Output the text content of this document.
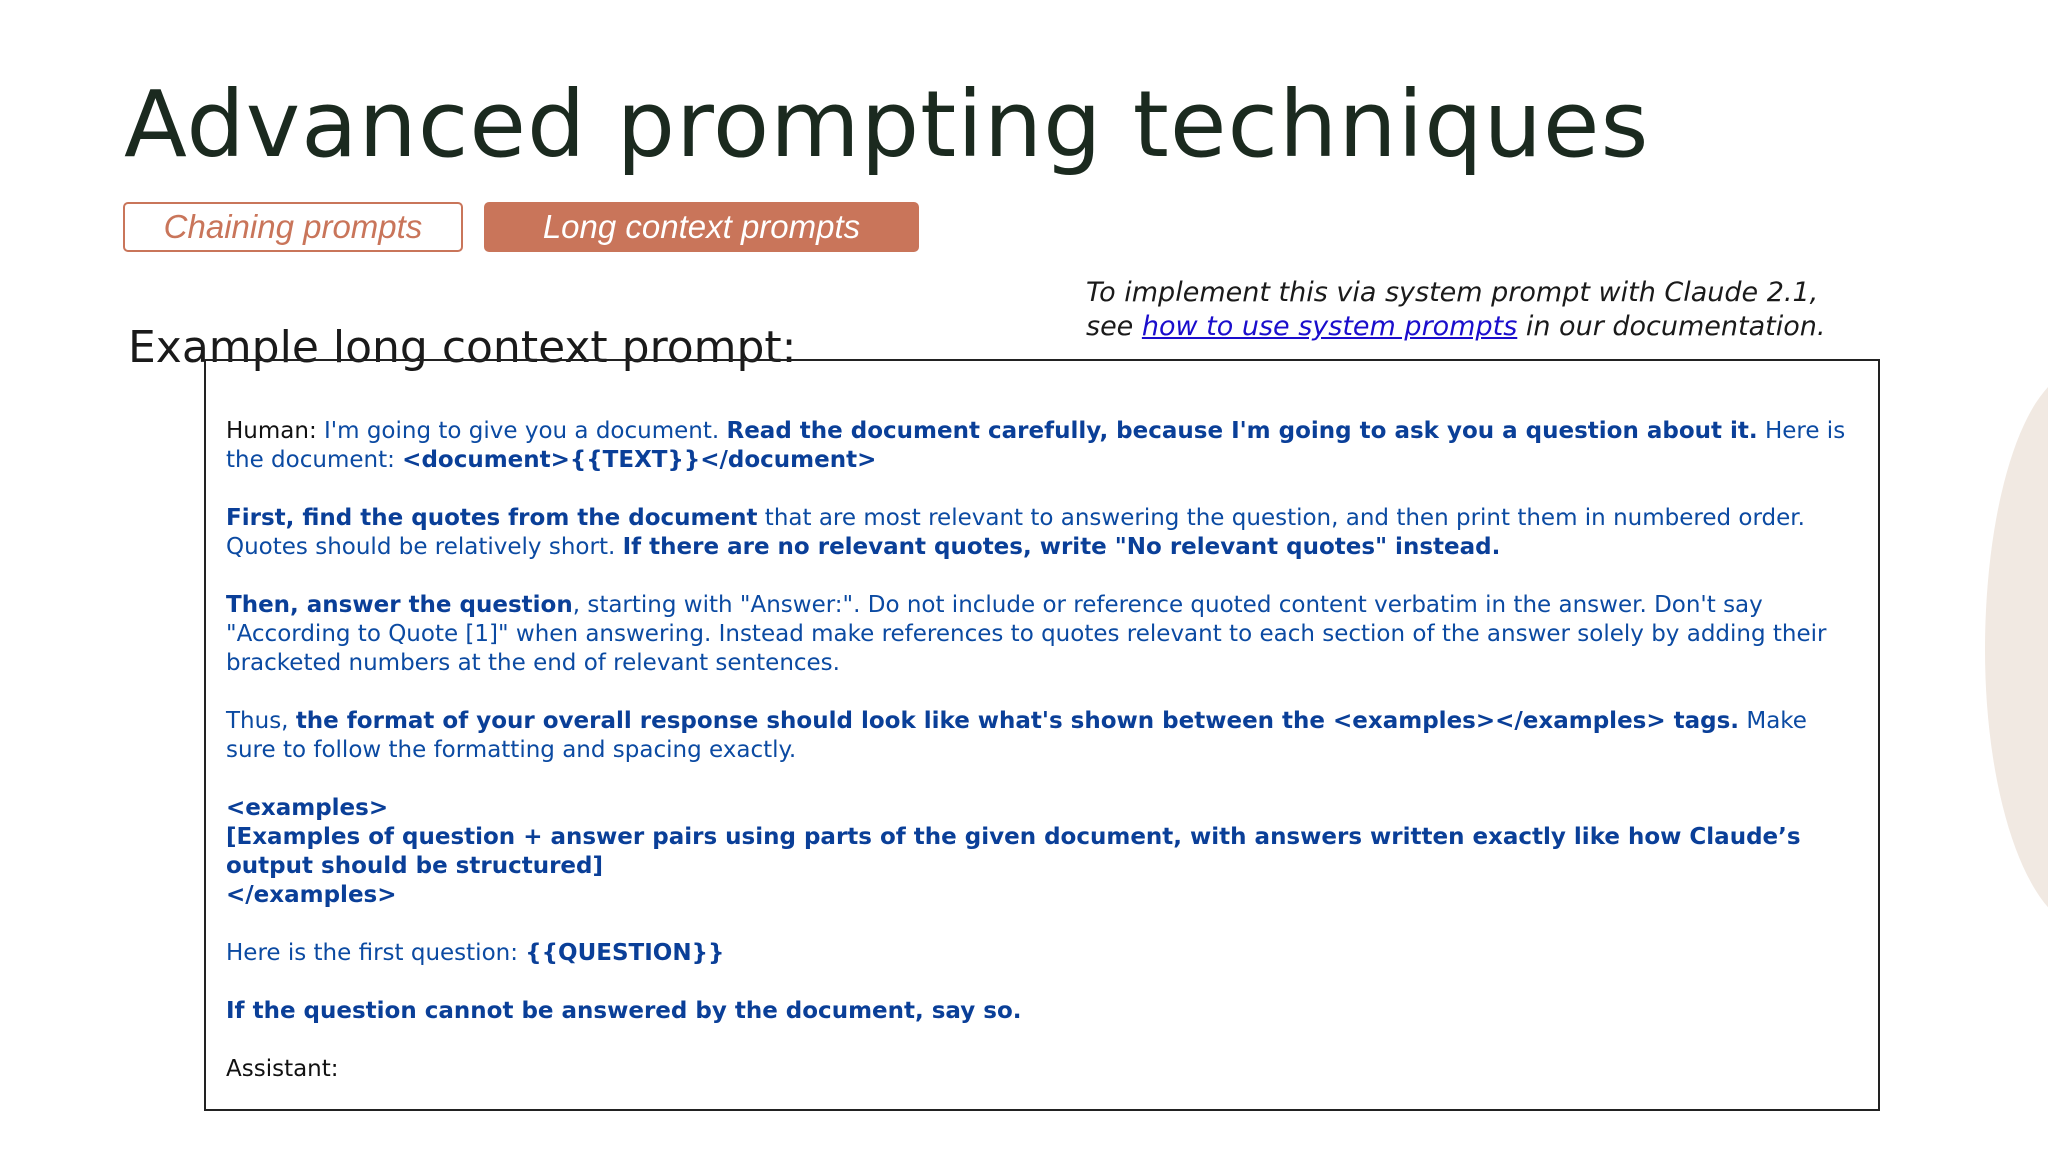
Advanced prompting techniques
Chaining prompts	Long context prompts
To implement this via system prompt with Claude 2.1,
see how to use system prompts in our documentation.
Example long context prompt:

Human: I'm going to give you a document. Read the document carefully, because I'm going to ask you a question about it. Here is the document: <document>{{TEXT}}</document>

First, find the quotes from the document that are most relevant to answering the question, and then print them in numbered order. Quotes should be relatively short. If there are no relevant quotes, write "No relevant quotes" instead.

Then, answer the question, starting with "Answer:". Do not include or reference quoted content verbatim in the answer. Don't say "According to Quote [1]" when answering. Instead make references to quotes relevant to each section of the answer solely by adding their bracketed numbers at the end of relevant sentences.

Thus, the format of your overall response should look like what's shown between the <examples></examples> tags. Make sure to follow the formatting and spacing exactly.

<examples>
[Examples of question + answer pairs using parts of the given document, with answers written exactly like how Claude’s output should be structured]
</examples>

Here is the first question: {{QUESTION}}

If the question cannot be answered by the document, say so.

Assistant:
